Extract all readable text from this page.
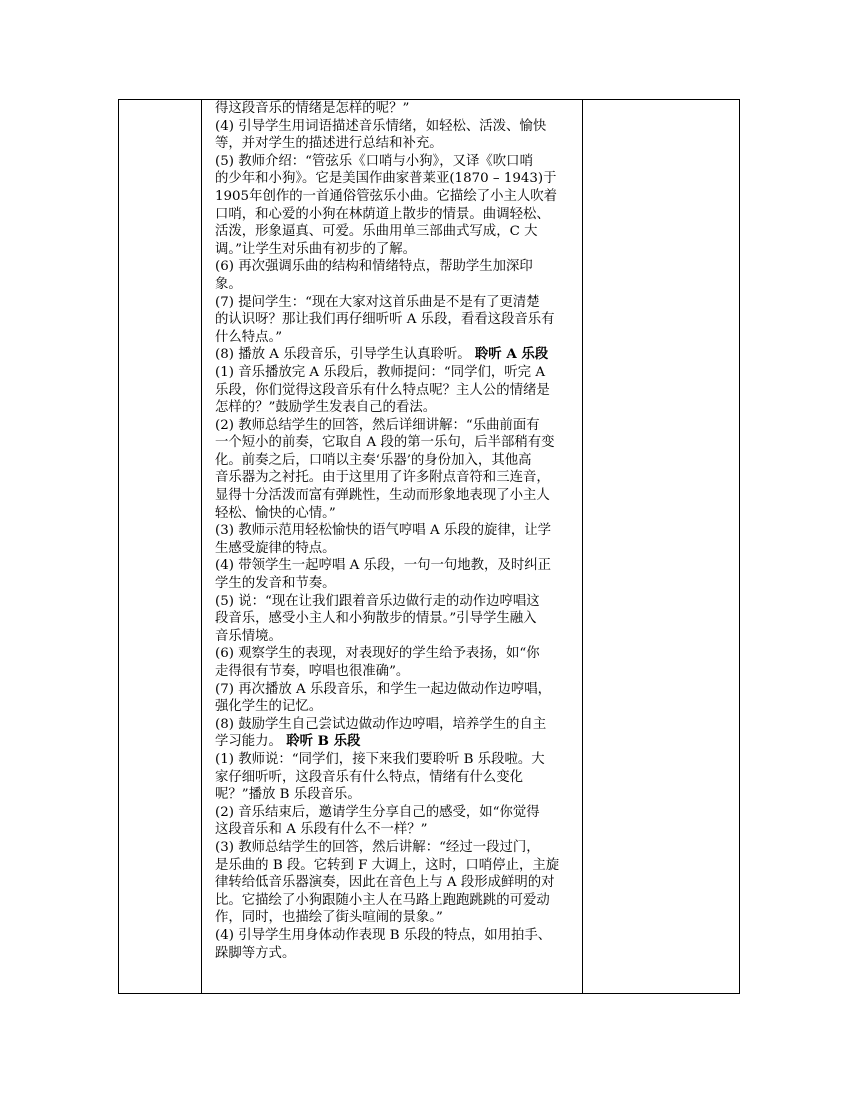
得这段音乐的情绪是怎样的呢？”

(4) 引导学生用词语描述音乐情绪，如轻松、活泼、愉快

等，并对学生的描述进行总结和补充。

(5) 教师介绍：“管弦乐《口哨与小狗》，又译《吹口哨

的少年和小狗》。它是美国作曲家普莱亚(1870 – 1943)于

1905年创作的一首通俗管弦乐小曲。它描绘了小主人吹着

口哨，和心爱的小狗在林荫道上散步的情景。曲调轻松、

活泼，形象逼真、可爱。乐曲用单三部曲式写成，C 大

调。”让学生对乐曲有初步的了解。

(6) 再次强调乐曲的结构和情绪特点，帮助学生加深印

象。

(7) 提问学生：“现在大家对这首乐曲是不是有了更清楚

的认识呀？那让我们再仔细听听 A 乐段，看看这段音乐有

什么特点。”

(8) 播放 A 乐段音乐，引导学生认真聆听。 聆听 A 乐段

(1) 音乐播放完 A 乐段后，教师提问：“同学们，听完 A

乐段，你们觉得这段音乐有什么特点呢？主人公的情绪是

怎样的？”鼓励学生发表自己的看法。

(2) 教师总结学生的回答，然后详细讲解：“乐曲前面有

一个短小的前奏，它取自 A 段的第一乐句，后半部稍有变

化。前奏之后，口哨以主奏‘乐器’的身份加入，其他高

音乐器为之衬托。由于这里用了许多附点音符和三连音，

显得十分活泼而富有弹跳性，生动而形象地表现了小主人

轻松、愉快的心情。”

(3) 教师示范用轻松愉快的语气哼唱 A 乐段的旋律，让学

生感受旋律的特点。

(4) 带领学生一起哼唱 A 乐段，一句一句地教，及时纠正

学生的发音和节奏。

(5) 说：“现在让我们跟着音乐边做行走的动作边哼唱这

段音乐，感受小主人和小狗散步的情景。”引导学生融入

音乐情境。

(6) 观察学生的表现，对表现好的学生给予表扬，如“你

走得很有节奏，哼唱也很准确”。

(7) 再次播放 A 乐段音乐，和学生一起边做动作边哼唱，

强化学生的记忆。

(8) 鼓励学生自己尝试边做动作边哼唱，培养学生的自主

学习能力。 聆听 B 乐段

(1) 教师说：“同学们，接下来我们要聆听 B 乐段啦。大

家仔细听听，这段音乐有什么特点，情绪有什么变化

呢？”播放 B 乐段音乐。

(2) 音乐结束后，邀请学生分享自己的感受，如“你觉得

这段音乐和 A 乐段有什么不一样？”

(3) 教师总结学生的回答，然后讲解：“经过一段过门，

是乐曲的 B 段。它转到 F 大调上，这时，口哨停止，主旋

律转给低音乐器演奏，因此在音色上与 A 段形成鲜明的对

比。它描绘了小狗跟随小主人在马路上跑跑跳跳的可爱动

作，同时，也描绘了街头喧闹的景象。”

(4) 引导学生用身体动作表现 B 乐段的特点，如用拍手、

跺脚等方式。
